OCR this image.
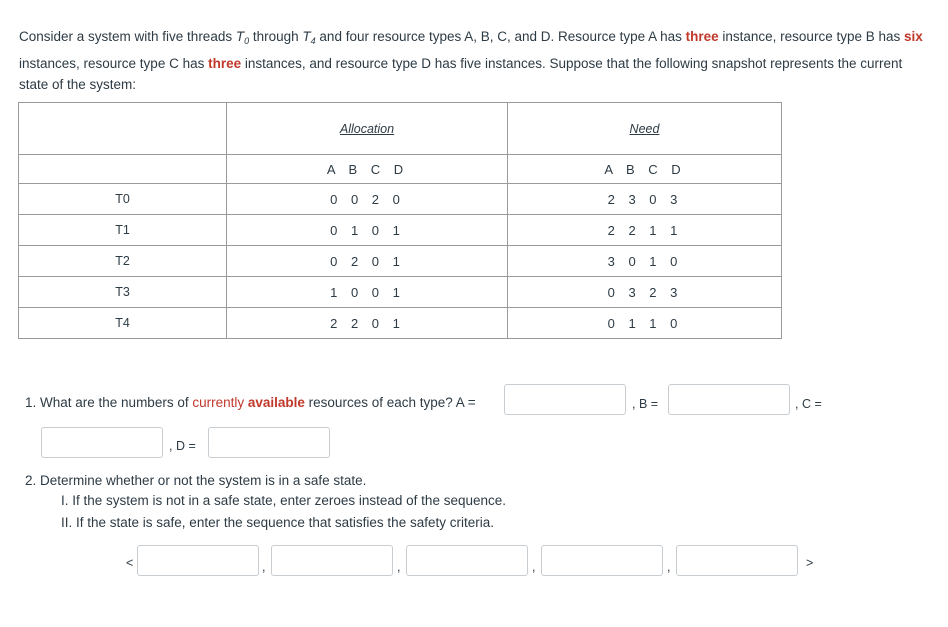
Consider a system with five threads $T_0$ through $T_4$ and four resource types A, B, C, and D. Resource type A has three instance, resource type B has six instances, resource type C has three instances, and resource type D has five instances. Suppose that the following snapshot represents the current state of the system:

	Allocation	Need
	A B C D	A B C D
T0	0 0 2 0	2 3 0 3
T1	0 1 0 1	2 2 1 1
T2	0 2 0 1	3 0 1 0
T3	1 0 0 1	0 3 2 3
T4	2 2 0 1	0 1 1 0
1. What are the numbers of currently available resources of each type? A =	, B =	, C =
, D =
2. Determine whether or not the system is in a safe state.
I. If the system is not in a safe state, enter zeroes instead of the sequence.
II. If the state is safe, enter the sequence that satisfies the safety criteria.
<	,	,	,	,	>
